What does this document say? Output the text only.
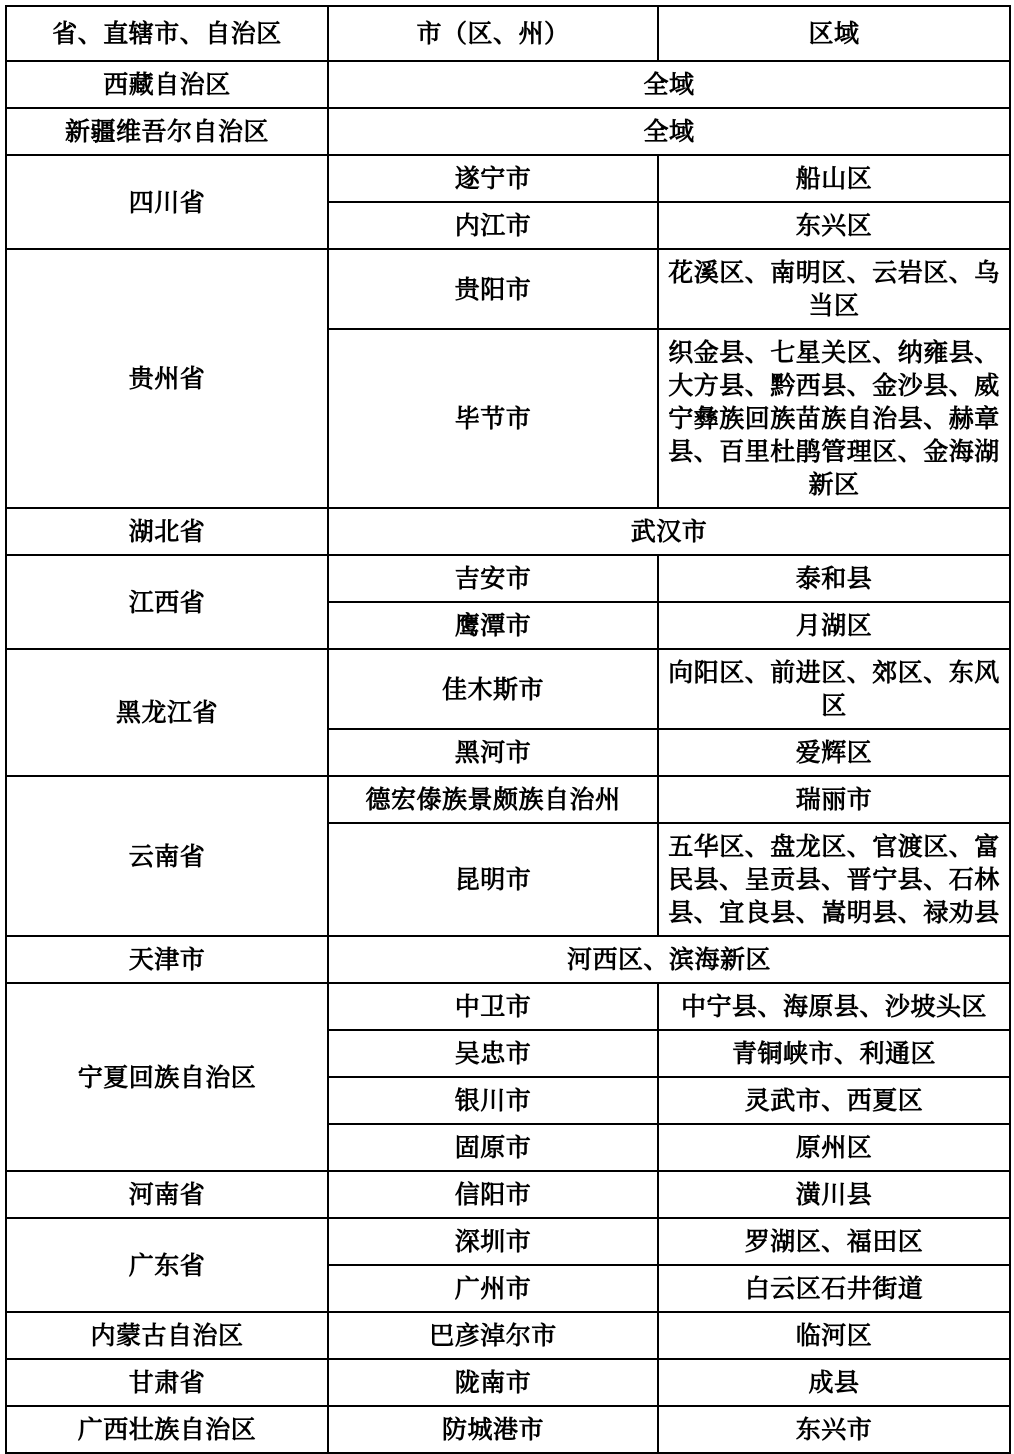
省、直辖市、自治区	市（区、州）	区域
西藏自治区	全域	
新疆维吾尔自治区	全域	
四川省	遂宁市	船山区
	内江市	东兴区
贵州省	贵阳市	花溪区、南明区、云岩区、乌当区
	毕节市	织金县、七星关区、纳雍县、大方县、黔西县、金沙县、威宁彝族回族苗族自治县、赫章县、百里杜鹃管理区、金海湖新区
湖北省	武汉市	
江西省	吉安市	泰和县
	鹰潭市	月湖区
黑龙江省	佳木斯市	向阳区、前进区、郊区、东风区
	黑河市	爱辉区
云南省	德宏傣族景颇族自治州	瑞丽市
	昆明市	五华区、盘龙区、官渡区、富民县、呈贡县、晋宁县、石林县、宜良县、嵩明县、禄劝县
天津市	河西区、滨海新区	
宁夏回族自治区	中卫市	中宁县、海原县、沙坡头区
	吴忠市	青铜峡市、利通区
	银川市	灵武市、西夏区
	固原市	原州区
河南省	信阳市	潢川县
广东省	深圳市	罗湖区、福田区
	广州市	白云区石井街道
内蒙古自治区	巴彦淖尔市	临河区
甘肃省	陇南市	成县
广西壮族自治区	防城港市	东兴市
